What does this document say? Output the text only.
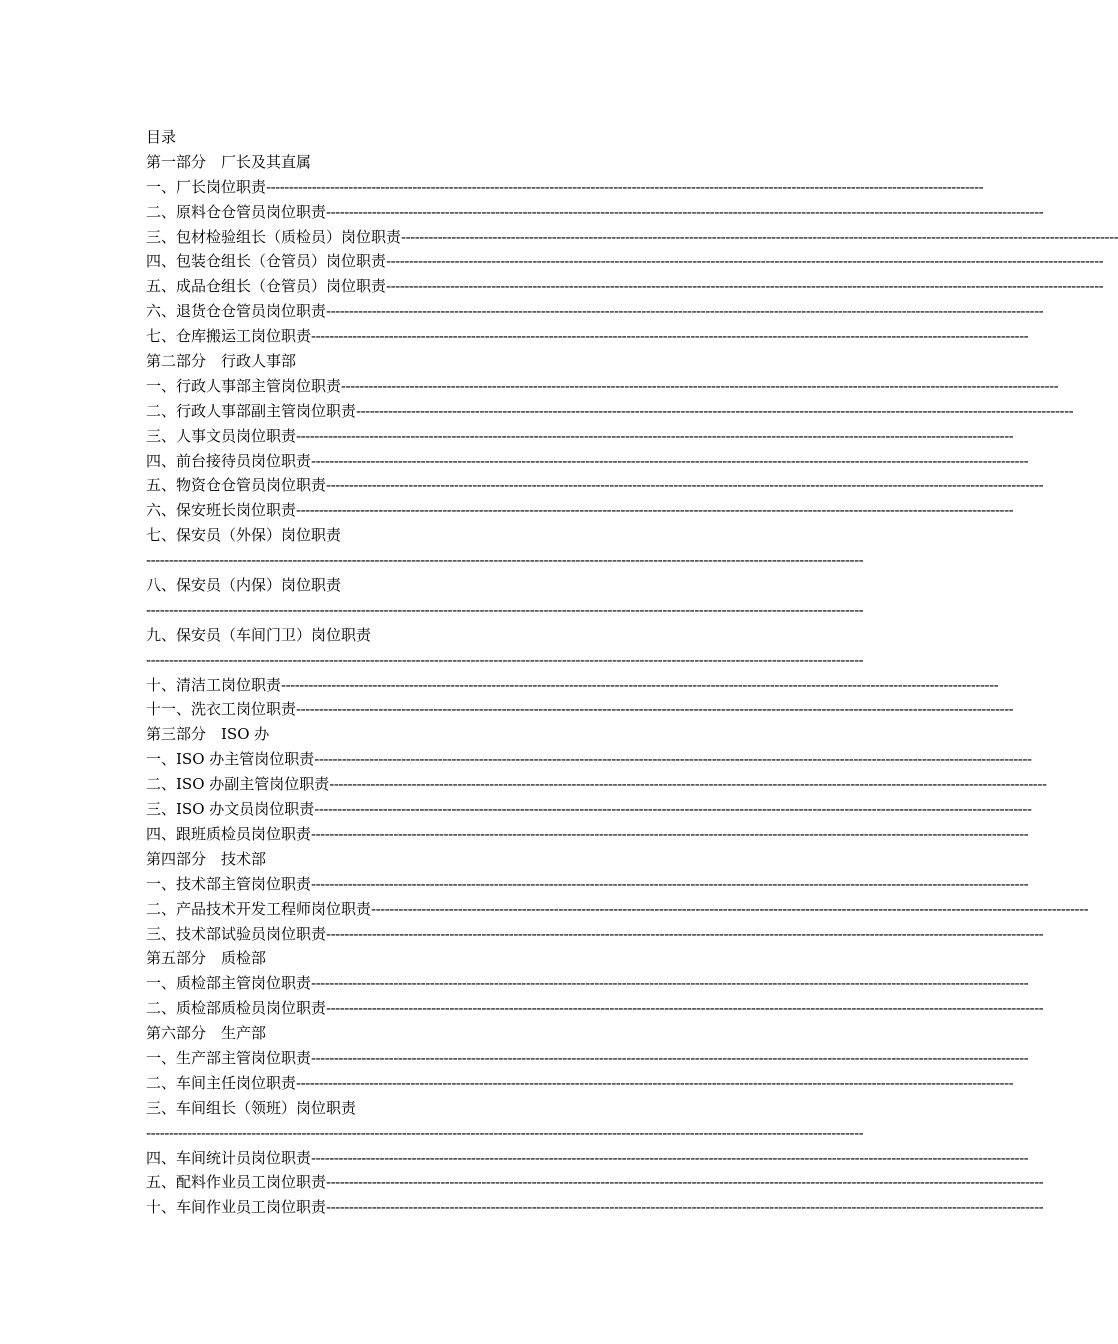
目录
第一部分　厂长及其直属
一、厂长岗位职责 -------------------------------------------------------------------------------------------------------------------------------------------------------------
二、原料仓仓管员岗位职责 -------------------------------------------------------------------------------------------------------------------------------------------------------------
三、包材检验组长（质检员）岗位职责 -------------------------------------------------------------------------------------------------------------------------------------------------------------
四、包装仓组长（仓管员）岗位职责 -------------------------------------------------------------------------------------------------------------------------------------------------------------
五、成品仓组长（仓管员）岗位职责 -------------------------------------------------------------------------------------------------------------------------------------------------------------
六、退货仓仓管员岗位职责 -------------------------------------------------------------------------------------------------------------------------------------------------------------
七、仓库搬运工岗位职责 -------------------------------------------------------------------------------------------------------------------------------------------------------------
第二部分　行政人事部
一、行政人事部主管岗位职责 -------------------------------------------------------------------------------------------------------------------------------------------------------------
二、行政人事部副主管岗位职责 -------------------------------------------------------------------------------------------------------------------------------------------------------------
三、人事文员岗位职责 -------------------------------------------------------------------------------------------------------------------------------------------------------------
四、前台接待员岗位职责 -------------------------------------------------------------------------------------------------------------------------------------------------------------
五、物资仓仓管员岗位职责 -------------------------------------------------------------------------------------------------------------------------------------------------------------
六、保安班长岗位职责 -------------------------------------------------------------------------------------------------------------------------------------------------------------
七、保安员（外保）岗位职责
-------------------------------------------------------------------------------------------------------------------------------------------------------------
八、保安员（内保）岗位职责
-------------------------------------------------------------------------------------------------------------------------------------------------------------
九、保安员（车间门卫）岗位职责
-------------------------------------------------------------------------------------------------------------------------------------------------------------
十、清洁工岗位职责 -------------------------------------------------------------------------------------------------------------------------------------------------------------
十一、洗衣工岗位职责 -------------------------------------------------------------------------------------------------------------------------------------------------------------
第三部分　ISO 办
一、ISO 办主管岗位职责 -------------------------------------------------------------------------------------------------------------------------------------------------------------
二、ISO 办副主管岗位职责 -------------------------------------------------------------------------------------------------------------------------------------------------------------
三、ISO 办文员岗位职责 -------------------------------------------------------------------------------------------------------------------------------------------------------------
四、跟班质检员岗位职责 -------------------------------------------------------------------------------------------------------------------------------------------------------------
第四部分　技术部
一、技术部主管岗位职责 -------------------------------------------------------------------------------------------------------------------------------------------------------------
二、产品技术开发工程师岗位职责 -------------------------------------------------------------------------------------------------------------------------------------------------------------
三、技术部试验员岗位职责 -------------------------------------------------------------------------------------------------------------------------------------------------------------
第五部分　质检部
一、质检部主管岗位职责 -------------------------------------------------------------------------------------------------------------------------------------------------------------
二、质检部质检员岗位职责 -------------------------------------------------------------------------------------------------------------------------------------------------------------
第六部分　生产部
一、生产部主管岗位职责 -------------------------------------------------------------------------------------------------------------------------------------------------------------
二、车间主任岗位职责 -------------------------------------------------------------------------------------------------------------------------------------------------------------
三、车间组长（领班）岗位职责
-------------------------------------------------------------------------------------------------------------------------------------------------------------
四、车间统计员岗位职责 -------------------------------------------------------------------------------------------------------------------------------------------------------------
五、配料作业员工岗位职责 -------------------------------------------------------------------------------------------------------------------------------------------------------------
十、车间作业员工岗位职责 -------------------------------------------------------------------------------------------------------------------------------------------------------------
